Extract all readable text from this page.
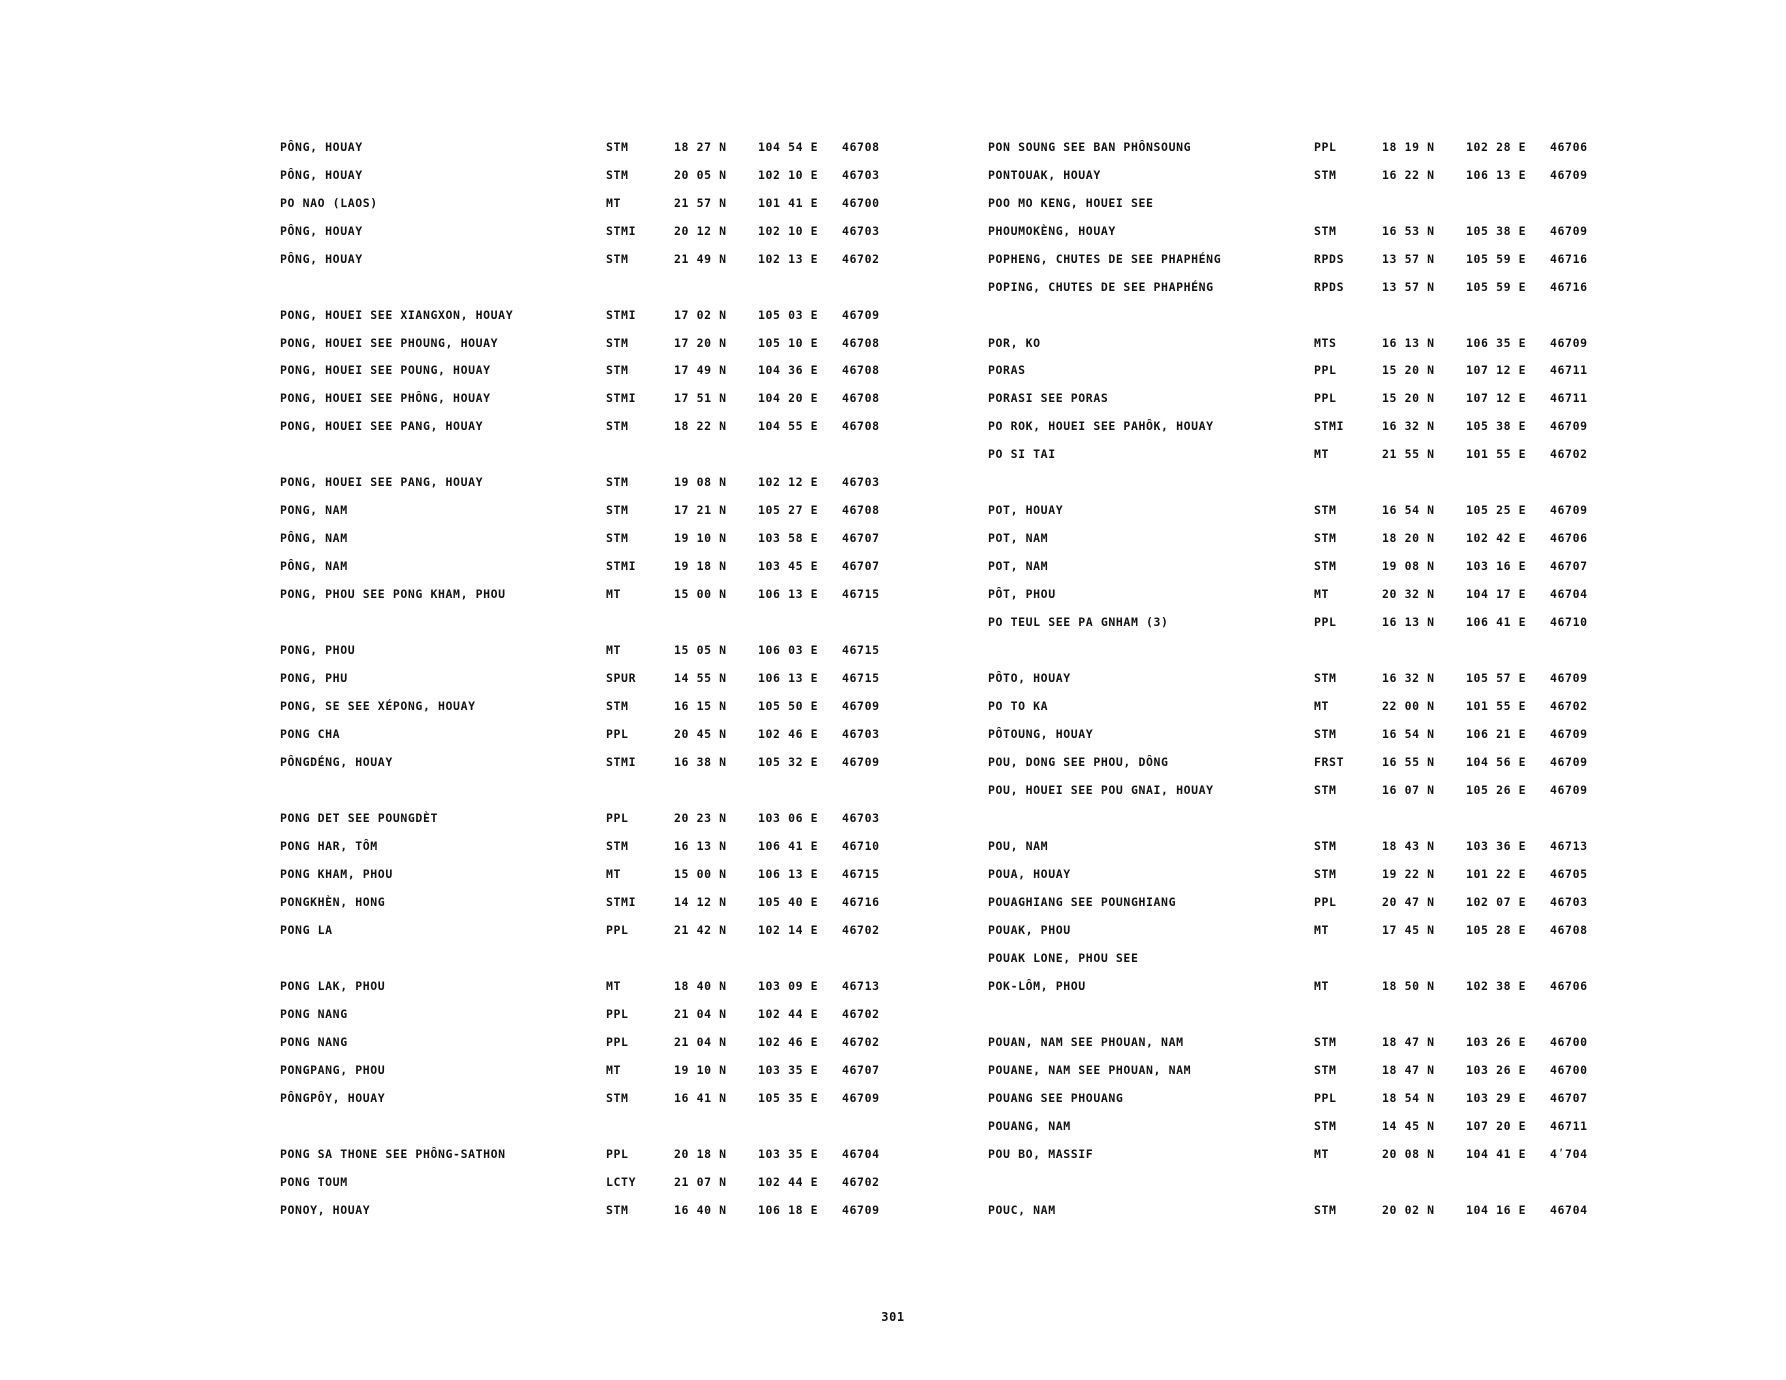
PÔNG, HOUAY	STM	18 27 N	104 54 E	46708
PÔNG, HOUAY	STM	20 05 N	102 10 E	46703
PO NAO (LAOS)	MT	21 57 N	101 41 E	46700
PÔNG, HOUAY	STMI	20 12 N	102 10 E	46703
PÔNG, HOUAY	STM	21 49 N	102 13 E	46702
PONG, HOUEI SEE XIANGXON, HOUAY	STMI	17 02 N	105 03 E	46709
PONG, HOUEI SEE PHOUNG, HOUAY	STM	17 20 N	105 10 E	46708
PONG, HOUEI SEE POUNG, HOUAY	STM	17 49 N	104 36 E	46708
PONG, HOUEI SEE PHÔNG, HOUAY	STMI	17 51 N	104 20 E	46708
PONG, HOUEI SEE PANG, HOUAY	STM	18 22 N	104 55 E	46708
PONG, HOUEI SEE PANG, HOUAY	STM	19 08 N	102 12 E	46703
PONG, NAM	STM	17 21 N	105 27 E	46708
PÔNG, NAM	STM	19 10 N	103 58 E	46707
PÔNG, NAM	STMI	19 18 N	103 45 E	46707
PONG, PHOU SEE PONG KHAM, PHOU	MT	15 00 N	106 13 E	46715
PONG, PHOU	MT	15 05 N	106 03 E	46715
PONG, PHU	SPUR	14 55 N	106 13 E	46715
PONG, SE SEE XÉPONG, HOUAY	STM	16 15 N	105 50 E	46709
PONG CHA	PPL	20 45 N	102 46 E	46703
PÔNGDÉNG, HOUAY	STMI	16 38 N	105 32 E	46709
PONG DET SEE POUNGDÈT	PPL	20 23 N	103 06 E	46703
PONG HAR, TÔM	STM	16 13 N	106 41 E	46710
PONG KHAM, PHOU	MT	15 00 N	106 13 E	46715
PONGKHÈN, HONG	STMI	14 12 N	105 40 E	46716
PONG LA	PPL	21 42 N	102 14 E	46702
PONG LAK, PHOU	MT	18 40 N	103 09 E	46713
PONG NANG	PPL	21 04 N	102 44 E	46702
PONG NANG	PPL	21 04 N	102 46 E	46702
PONGPANG, PHOU	MT	19 10 N	103 35 E	46707
PÔNGPÔY, HOUAY	STM	16 41 N	105 35 E	46709
PONG SA THONE SEE PHÔNG-SATHON	PPL	20 18 N	103 35 E	46704
PONG TOUM	LCTY	21 07 N	102 44 E	46702
PONOY, HOUAY	STM	16 40 N	106 18 E	46709
PON SOUNG SEE BAN PHÔNSOUNG	PPL	18 19 N	102 28 E	46706
PONTOUAK, HOUAY	STM	16 22 N	106 13 E	46709
POO MO KENG, HOUEI SEE
PHOUMOKÈNG, HOUAY	STM	16 53 N	105 38 E	46709
POPHENG, CHUTES DE SEE PHAPHÉNG	RPDS	13 57 N	105 59 E	46716
POPING, CHUTES DE SEE PHAPHÉNG	RPDS	13 57 N	105 59 E	46716
POR, KO	MTS	16 13 N	106 35 E	46709
PORAS	PPL	15 20 N	107 12 E	46711
PORASI SEE PORAS	PPL	15 20 N	107 12 E	46711
PO ROK, HOUEI SEE PAHÔK, HOUAY	STMI	16 32 N	105 38 E	46709
PO SI TAI	MT	21 55 N	101 55 E	46702
POT, HOUAY	STM	16 54 N	105 25 E	46709
POT, NAM	STM	18 20 N	102 42 E	46706
POT, NAM	STM	19 08 N	103 16 E	46707
PÔT, PHOU	MT	20 32 N	104 17 E	46704
PO TEUL SEE PA GNHAM (3)	PPL	16 13 N	106 41 E	46710
PÔTO, HOUAY	STM	16 32 N	105 57 E	46709
PO TO KA	MT	22 00 N	101 55 E	46702
PÔTOUNG, HOUAY	STM	16 54 N	106 21 E	46709
POU, DONG SEE PHOU, DÔNG	FRST	16 55 N	104 56 E	46709
POU, HOUEI SEE POU GNAI, HOUAY	STM	16 07 N	105 26 E	46709
POU, NAM	STM	18 43 N	103 36 E	46713
POUA, HOUAY	STM	19 22 N	101 22 E	46705
POUAGHIANG SEE POUNGHIANG	PPL	20 47 N	102 07 E	46703
POUAK, PHOU	MT	17 45 N	105 28 E	46708
POUAK LONE, PHOU SEE
POK-LÔM, PHOU	MT	18 50 N	102 38 E	46706
POUAN, NAM SEE PHOUAN, NAM	STM	18 47 N	103 26 E	46700
POUANE, NAM SEE PHOUAN, NAM	STM	18 47 N	103 26 E	46700
POUANG SEE PHOUANG	PPL	18 54 N	103 29 E	46707
POUANG, NAM	STM	14 45 N	107 20 E	46711
POU BO, MASSIF	MT	20 08 N	104 41 E	4ʹ704
POUC, NAM	STM	20 02 N	104 16 E	46704
301
